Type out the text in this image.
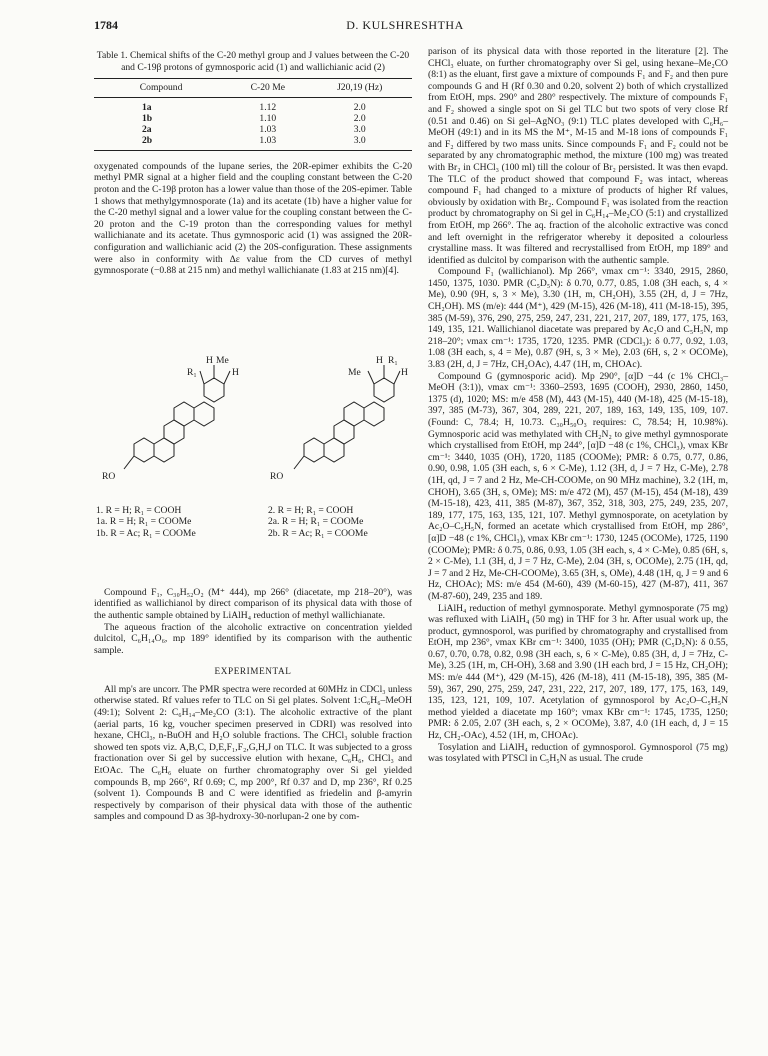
1784	D. KULSHRESHTHA

Table 1. Chemical shifts of the C-20 methyl group and J values between the C-20 and C-19β protons of gymnosporic acid (1) and wallichianic acid (2)

Compound	C-20 Me	J20,19 (Hz)
1a	1.12	2.0
1b	1.10	2.0
2a	1.03	3.0
2b	1.03	3.0

oxygenated compounds of the lupane series, the 20R-epimer exhibits the C-20 methyl PMR signal at a higher field and the coupling constant between the C-20 proton and the C-19β proton has a lower value than those of the 20S-epimer. Table 1 shows that methylgymnosporate (1a) and its acetate (1b) have a higher value for the C-20 methyl signal and a lower value for the coupling constant between the C-20 proton and the C-19 proton than the corresponding values for methyl wallichianate and its acetate. Thus gymnosporic acid (1) was assigned the 20R-configuration and wallichianic acid (2) the 20S-configuration. These assignments were also in conformity with Δε value from the CD curves of methyl gymnosporate (−0.88 at 215 nm) and methyl wallichianate (1.83 at 215 nm)[4].

H Me
R₁	H
RO
H R₁
Me	H
RO
1. R = H; R₁ = COOH
1a. R = H; R₁ = COOMe
1b. R = Ac; R₁ = COOMe
2. R = H; R₁ = COOH
2a. R = H; R₁ = COOMe
2b. R = Ac; R₁ = COOMe

Compound F₁, C₃₀H₅₂O₂ (M⁺ 444), mp 266° (diacetate, mp 218–20°), was identified as wallichianol by direct comparison of its physical data with those of the authentic sample obtained by LiAlH₄ reduction of methyl wallichianate.

The aqueous fraction of the alcoholic extractive on concentration yielded dulcitol, C₆H₁₄O₆, mp 189° identified by its comparison with the authentic sample.

EXPERIMENTAL

All mp's are uncorr. The PMR spectra were recorded at 60MHz in CDCl₃ unless otherwise stated. Rf values refer to TLC on Si gel plates. Solvent 1:C₆H₆–MeOH (49:1); Solvent 2: C₆H₁₄–Me₂CO (3:1). The alcoholic extractive of the plant (aerial parts, 16 kg, voucher specimen preserved in CDRI) was resolved into hexane, CHCl₃, n-BuOH and H₂O soluble fractions. The CHCl₃ soluble fraction showed ten spots viz. A,B,C, D,E,F₁,F₂,G,H,J on TLC. It was subjected to a gross fractionation over Si gel by successive elution with hexane, C₆H₆, CHCl₃ and EtOAc. The C₆H₆ eluate on further chromatography over Si gel yielded compounds B, mp 266°, Rf 0.69; C, mp 200°, Rf 0.37 and D, mp 236°, Rf 0.25 (solvent 1). Compounds B and C were identified as friedelin and β-amyrin respectively by comparison of their physical data with those of the authentic samples and compound D as 3β-hydroxy-30-norlupan-2 one by com-

parison of its physical data with those reported in the literature [2]. The CHCl₃ eluate, on further chromatography over Si gel, using hexane–Me₂CO (8:1) as the eluant, first gave a mixture of compounds F₁ and F₂ and then pure compounds G and H (Rf 0.30 and 0.20, solvent 2) both of which crystallized from EtOH, mps. 290° and 280° respectively. The mixture of compounds F₁ and F₂ showed a single spot on Si gel TLC but two spots of very close Rf (0.51 and 0.46) on Si gel–AgNO₃ (9:1) TLC plates developed with C₆H₆–MeOH (49:1) and in its MS the M⁺, M-15 and M-18 ions of compounds F₁ and F₂ differed by two mass units. Since compounds F₁ and F₂ could not be separated by any chromatographic method, the mixture (100 mg) was treated with Br₂ in CHCl₃ (100 ml) till the colour of Br₂ persisted. It was then evapd. The TLC of the product showed that compound F₂ was intact, whereas compound F₁ had changed to a mixture of products of higher Rf values, obviously by oxidation with Br₂. Compound F₁ was isolated from the reaction product by chromatography on Si gel in C₆H₁₄–Me₂CO (5:1) and crystallized from EtOH, mp 266°. The aq. fraction of the alcoholic extractive was concd and left overnight in the refrigerator whereby it deposited a colourless crystalline mass. It was filtered and recrystallised from EtOH, mp 189° and identified as dulcitol by comparison with the authentic sample.

Compound F₁ (wallichianol). Mp 266°, νmax cm⁻¹: 3340, 2915, 2860, 1450, 1375, 1030. PMR (C₅D₅N): δ 0.70, 0.77, 0.85, 1.08 (3H each, s, 4 × Me), 0.90 (9H, s, 3 × Me), 3.30 (1H, m, CH₂OH), 3.55 (2H, d, J = 7Hz, CH₂OH). MS (m/e): 444 (M⁺), 429 (M-15), 426 (M-18), 411 (M-18-15), 395, 385 (M-59), 376, 290, 275, 259, 247, 231, 221, 217, 207, 189, 177, 175, 163, 149, 135, 121. Wallichianol diacetate was prepared by Ac₂O and C₅H₅N, mp 218–20°; νmax cm⁻¹: 1735, 1720, 1235. PMR (CDCl₃): δ 0.77, 0.92, 1.03, 1.08 (3H each, s, 4 = Me), 0.87 (9H, s, 3 × Me), 2.03 (6H, s, 2 × OCOMe), 3.83 (2H, d, J = 7Hz, CH₂OAc), 4.47 (1H, m, CHOAc).

Compound G (gymnosporic acid). Mp 290°, [α]D −44 (c 1% CHCl₃–MeOH (3:1)), νmax cm⁻¹: 3360–2593, 1695 (COOH), 2930, 2860, 1450, 1375 (d), 1020; MS: m/e 458 (M), 443 (M-15), 440 (M-18), 425 (M-15-18), 397, 385 (M-73), 367, 304, 289, 221, 207, 189, 163, 149, 135, 109, 107. (Found: C, 78.4; H, 10.73. C₃₀H₅₀O₃ requires: C, 78.54; H, 10.98%). Gymnosporic acid was methylated with CH₂N₂ to give methyl gymnosporate which crystallised from EtOH, mp 244°, [α]D −48 (c 1%, CHCl₃), νmax KBr cm⁻¹: 3440, 1035 (OH), 1720, 1185 (COOMe); PMR: δ 0.75, 0.77, 0.86, 0.90, 0.98, 1.05 (3H each, s, 6 × C-Me), 1.12 (3H, d, J = 7 Hz, C-Me), 2.78 (1H, qd, J = 7 and 2 Hz, Me-CH-COOMe, on 90 MHz machine), 3.2 (1H, m, CHOH), 3.65 (3H, s, OMe); MS: m/e 472 (M), 457 (M-15), 454 (M-18), 439 (M-15-18), 423, 411, 385 (M-87), 367, 352, 318, 303, 275, 249, 235, 207, 189, 177, 175, 163, 135, 121, 107. Methyl gymnosporate, on acetylation by Ac₂O–C₅H₅N, formed an acetate which crystallised from EtOH, mp 286°, [α]D −48 (c 1%, CHCl₃), νmax KBr cm⁻¹: 1730, 1245 (OCOMe), 1725, 1190 (COOMe); PMR: δ 0.75, 0.86, 0.93, 1.05 (3H each, s, 4 × C-Me), 0.85 (6H, s, 2 × C-Me), 1.1 (3H, d, J = 7 Hz, C-Me), 2.04 (3H, s, OCOMe), 2.75 (1H, qd, J = 7 and 2 Hz, Me-CH-COOMe), 3.65 (3H, s, OMe), 4.48 (1H, q, J = 9 and 6 Hz, CHOAc); MS: m/e 454 (M-60), 439 (M-60-15), 427 (M-87), 411, 367 (M-87-60), 249, 235 and 189.

LiAlH₄ reduction of methyl gymnosporate. Methyl gymnosporate (75 mg) was refluxed with LiAlH₄ (50 mg) in THF for 3 hr. After usual work up, the product, gymnosporol, was purified by chromatography and crystallised from EtOH, mp 236°, νmax KBr cm⁻¹: 3400, 1035 (OH); PMR (C₅D₅N): δ 0.55, 0.67, 0.70, 0.78, 0.82, 0.98 (3H each, s, 6 × C-Me), 0.85 (3H, d, J = 7Hz, C-Me), 3.25 (1H, m, CH-OH), 3.68 and 3.90 (1H each brd, J = 15 Hz, CH₂OH); MS: m/e 444 (M⁺), 429 (M-15), 426 (M-18), 411 (M-15-18), 395, 385 (M-59), 367, 290, 275, 259, 247, 231, 222, 217, 207, 189, 177, 175, 163, 149, 135, 123, 121, 109, 107. Acetylation of gymnosporol by Ac₂O–C₅H₅N method yielded a diacetate mp 160°; νmax KBr cm⁻¹: 1745, 1735, 1250; PMR: δ 2.05, 2.07 (3H each, s, 2 × OCOMe), 3.87, 4.0 (1H each, d, J = 15 Hz, CH₂-OAc), 4.52 (1H, m, CHOAc).

Tosylation and LiAlH₄ reduction of gymnosporol. Gymnosporol (75 mg) was tosylated with PTSCl in C₅H₅N as usual. The crude
